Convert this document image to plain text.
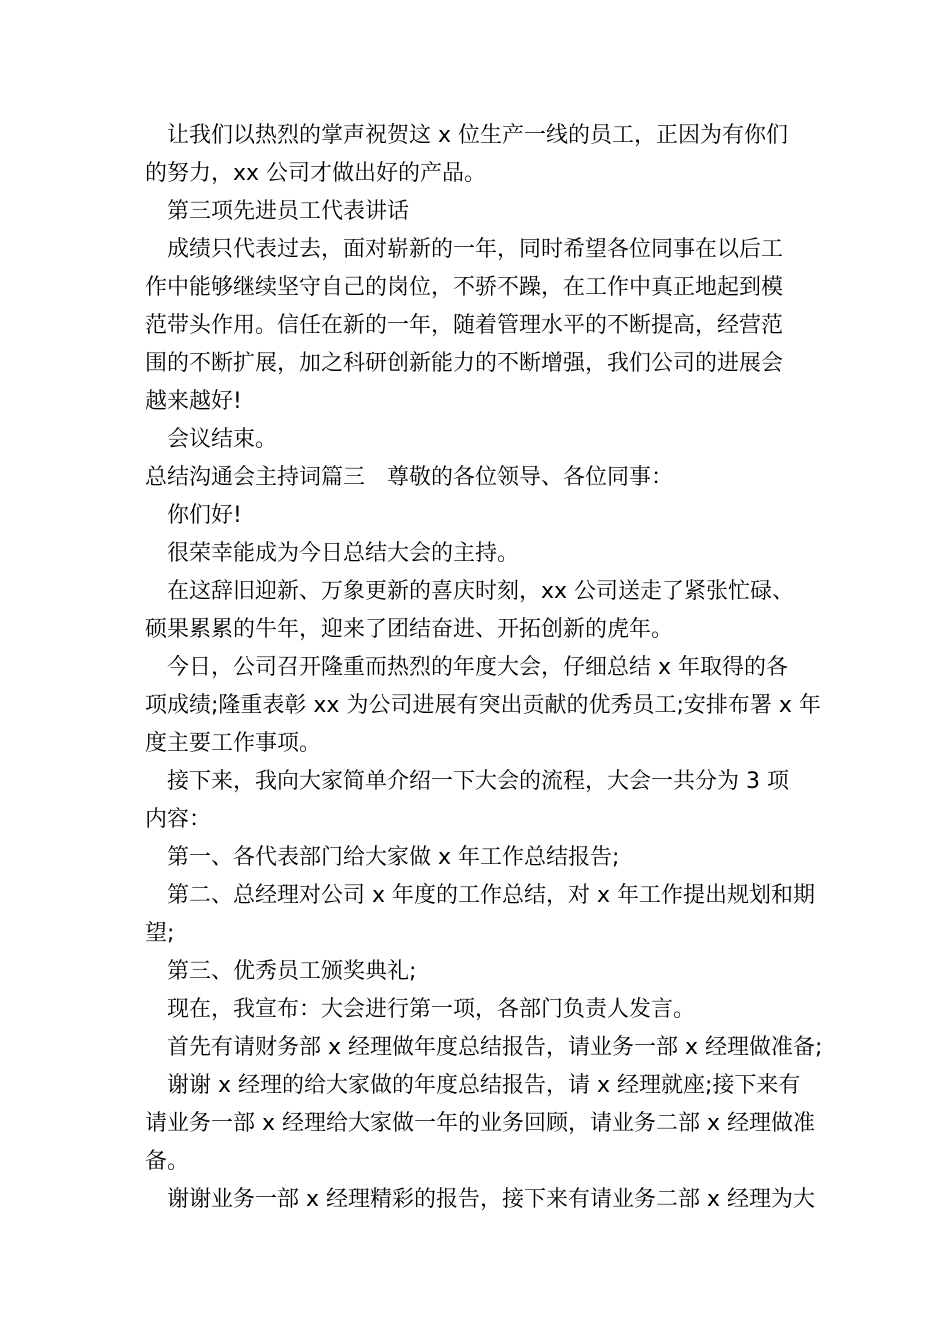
让我们以热烈的掌声祝贺这 x 位生产一线的员工，正因为有你们

的努力，xx 公司才做出好的产品。

第三项先进员工代表讲话

成绩只代表过去，面对崭新的一年，同时希望各位同事在以后工

作中能够继续坚守自己的岗位，不骄不躁，在工作中真正地起到模

范带头作用。信任在新的一年，随着管理水平的不断提高，经营范

围的不断扩展，加之科研创新能力的不断增强，我们公司的进展会

越来越好!

会议结束。

总结沟通会主持词篇三　尊敬的各位领导、各位同事：

你们好!

很荣幸能成为今日总结大会的主持。

在这辞旧迎新、万象更新的喜庆时刻，xx 公司送走了紧张忙碌、

硕果累累的牛年，迎来了团结奋进、开拓创新的虎年。

今日，公司召开隆重而热烈的年度大会，仔细总结 x 年取得的各

项成绩;隆重表彰 xx 为公司进展有突出贡献的优秀员工;安排布署 x 年

度主要工作事项。

接下来，我向大家简单介绍一下大会的流程，大会一共分为 3 项

内容：

第一、各代表部门给大家做 x 年工作总结报告;

第二、总经理对公司 x 年度的工作总结，对 x 年工作提出规划和期

望;

第三、优秀员工颁奖典礼;

现在，我宣布：大会进行第一项，各部门负责人发言。

首先有请财务部 x 经理做年度总结报告，请业务一部 x 经理做准备;

谢谢 x 经理的给大家做的年度总结报告，请 x 经理就座;接下来有

请业务一部 x 经理给大家做一年的业务回顾，请业务二部 x 经理做准

备。

谢谢业务一部 x 经理精彩的报告，接下来有请业务二部 x 经理为大
